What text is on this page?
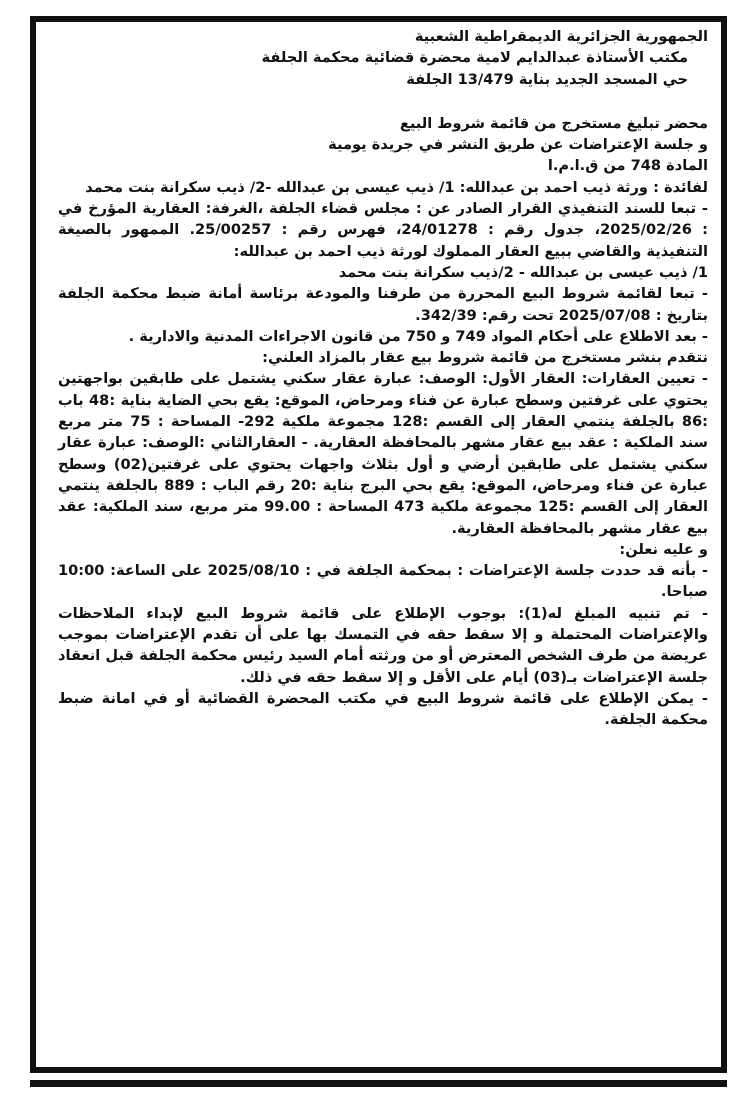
الجمهورية الجزائرية الديمقراطية الشعبية

مكتب الأستاذة عبدالدايم لامية محضرة قضائية محكمة الجلفة

حي المسجد الجديد بناية 13/479 الجلفة

محضر تبليغ مستخرج من قائمة شروط البيع

و جلسة الإعتراضات عن طريق النشر في جريدة يومية

المادة 748 من ق.ا.م.ا

لفائدة : ورثة ذيب احمد بن عبدالله: 1/ ذيب عيسى بن عبدالله -2/ ذيب سكرانة بنت محمد

- تبعا للسند التنفيذي القرار الصادر عن : مجلس قضاء الجلفة ،الغرفة: العقارية المؤرخ في : 2025/02/26، جدول رقم : 24/01278، فهرس رقم : 25/00257. الممهور بالصيغة التنفيذية والقاضي ببيع العقار المملوك لورثة ذيب احمد بن عبدالله:

1/ ذيب عيسى بن عبدالله - 2/ذيب سكرانة بنت محمد

- تبعا لقائمة شروط البيع المحررة من طرفنا والمودعة برئاسة أمانة ضبط محكمة الجلفة بتاريخ : 2025/07/08 تحت رقم: 342/39.

- بعد الاطلاع على أحكام المواد 749 و 750 من قانون الاجراءات المدنية والادارية .

نتقدم بنشر مستخرج من قائمة شروط بيع عقار بالمزاد العلني:

- تعيين العقارات: العقار الأول: الوصف: عبارة عقار سكني يشتمل على طابقين بواجهتين يحتوي على غرفتين وسطح عبارة عن فناء ومرحاض، الموقع: يقع بحي الضاية بناية :48 باب :86 بالجلفة ينتمي العقار إلى القسم :128 مجموعة ملكية 292- المساحة : 75 متر مربع سند الملكية : عقد بيع عقار مشهر بالمحافظة العقارية. - العقارالثاني :الوصف: عبارة عقار سكني يشتمل على طابقين أرضي و أول بثلاث واجهات يحتوي على غرفتين(02) وسطح عبارة عن فناء ومرحاض، الموقع: يقع بحي البرج بناية :20 رقم الباب : 889 بالجلفة ينتمي العقار إلى القسم :125 مجموعة ملكية 473 المساحة : 99.00 متر مربع، سند الملكية: عقد بيع عقار مشهر بالمحافظة العقارية.

و عليه نعلن:

- بأنه قد حددت جلسة الإعتراضات : بمحكمة الجلفة في : 2025/08/10 على الساعة: 10:00 صباحا.

- تم تنبيه المبلغ له(1): بوجوب الإطلاع على قائمة شروط البيع لإبداء الملاحظات والإعتراضات المحتملة و إلا سقط حقه في التمسك بها على أن تقدم الإعتراضات بموجب عريضة من طرف الشخص المعترض أو من ورثته أمام السيد رئيس محكمة الجلفة قبل انعقاد جلسة الإعتراضات بـ(03) أيام على الأقل و إلا سقط حقه في ذلك.

- يمكن الإطلاع على قائمة شروط البيع في مكتب المحضرة القضائية أو في امانة ضبط محكمة الجلفة.
